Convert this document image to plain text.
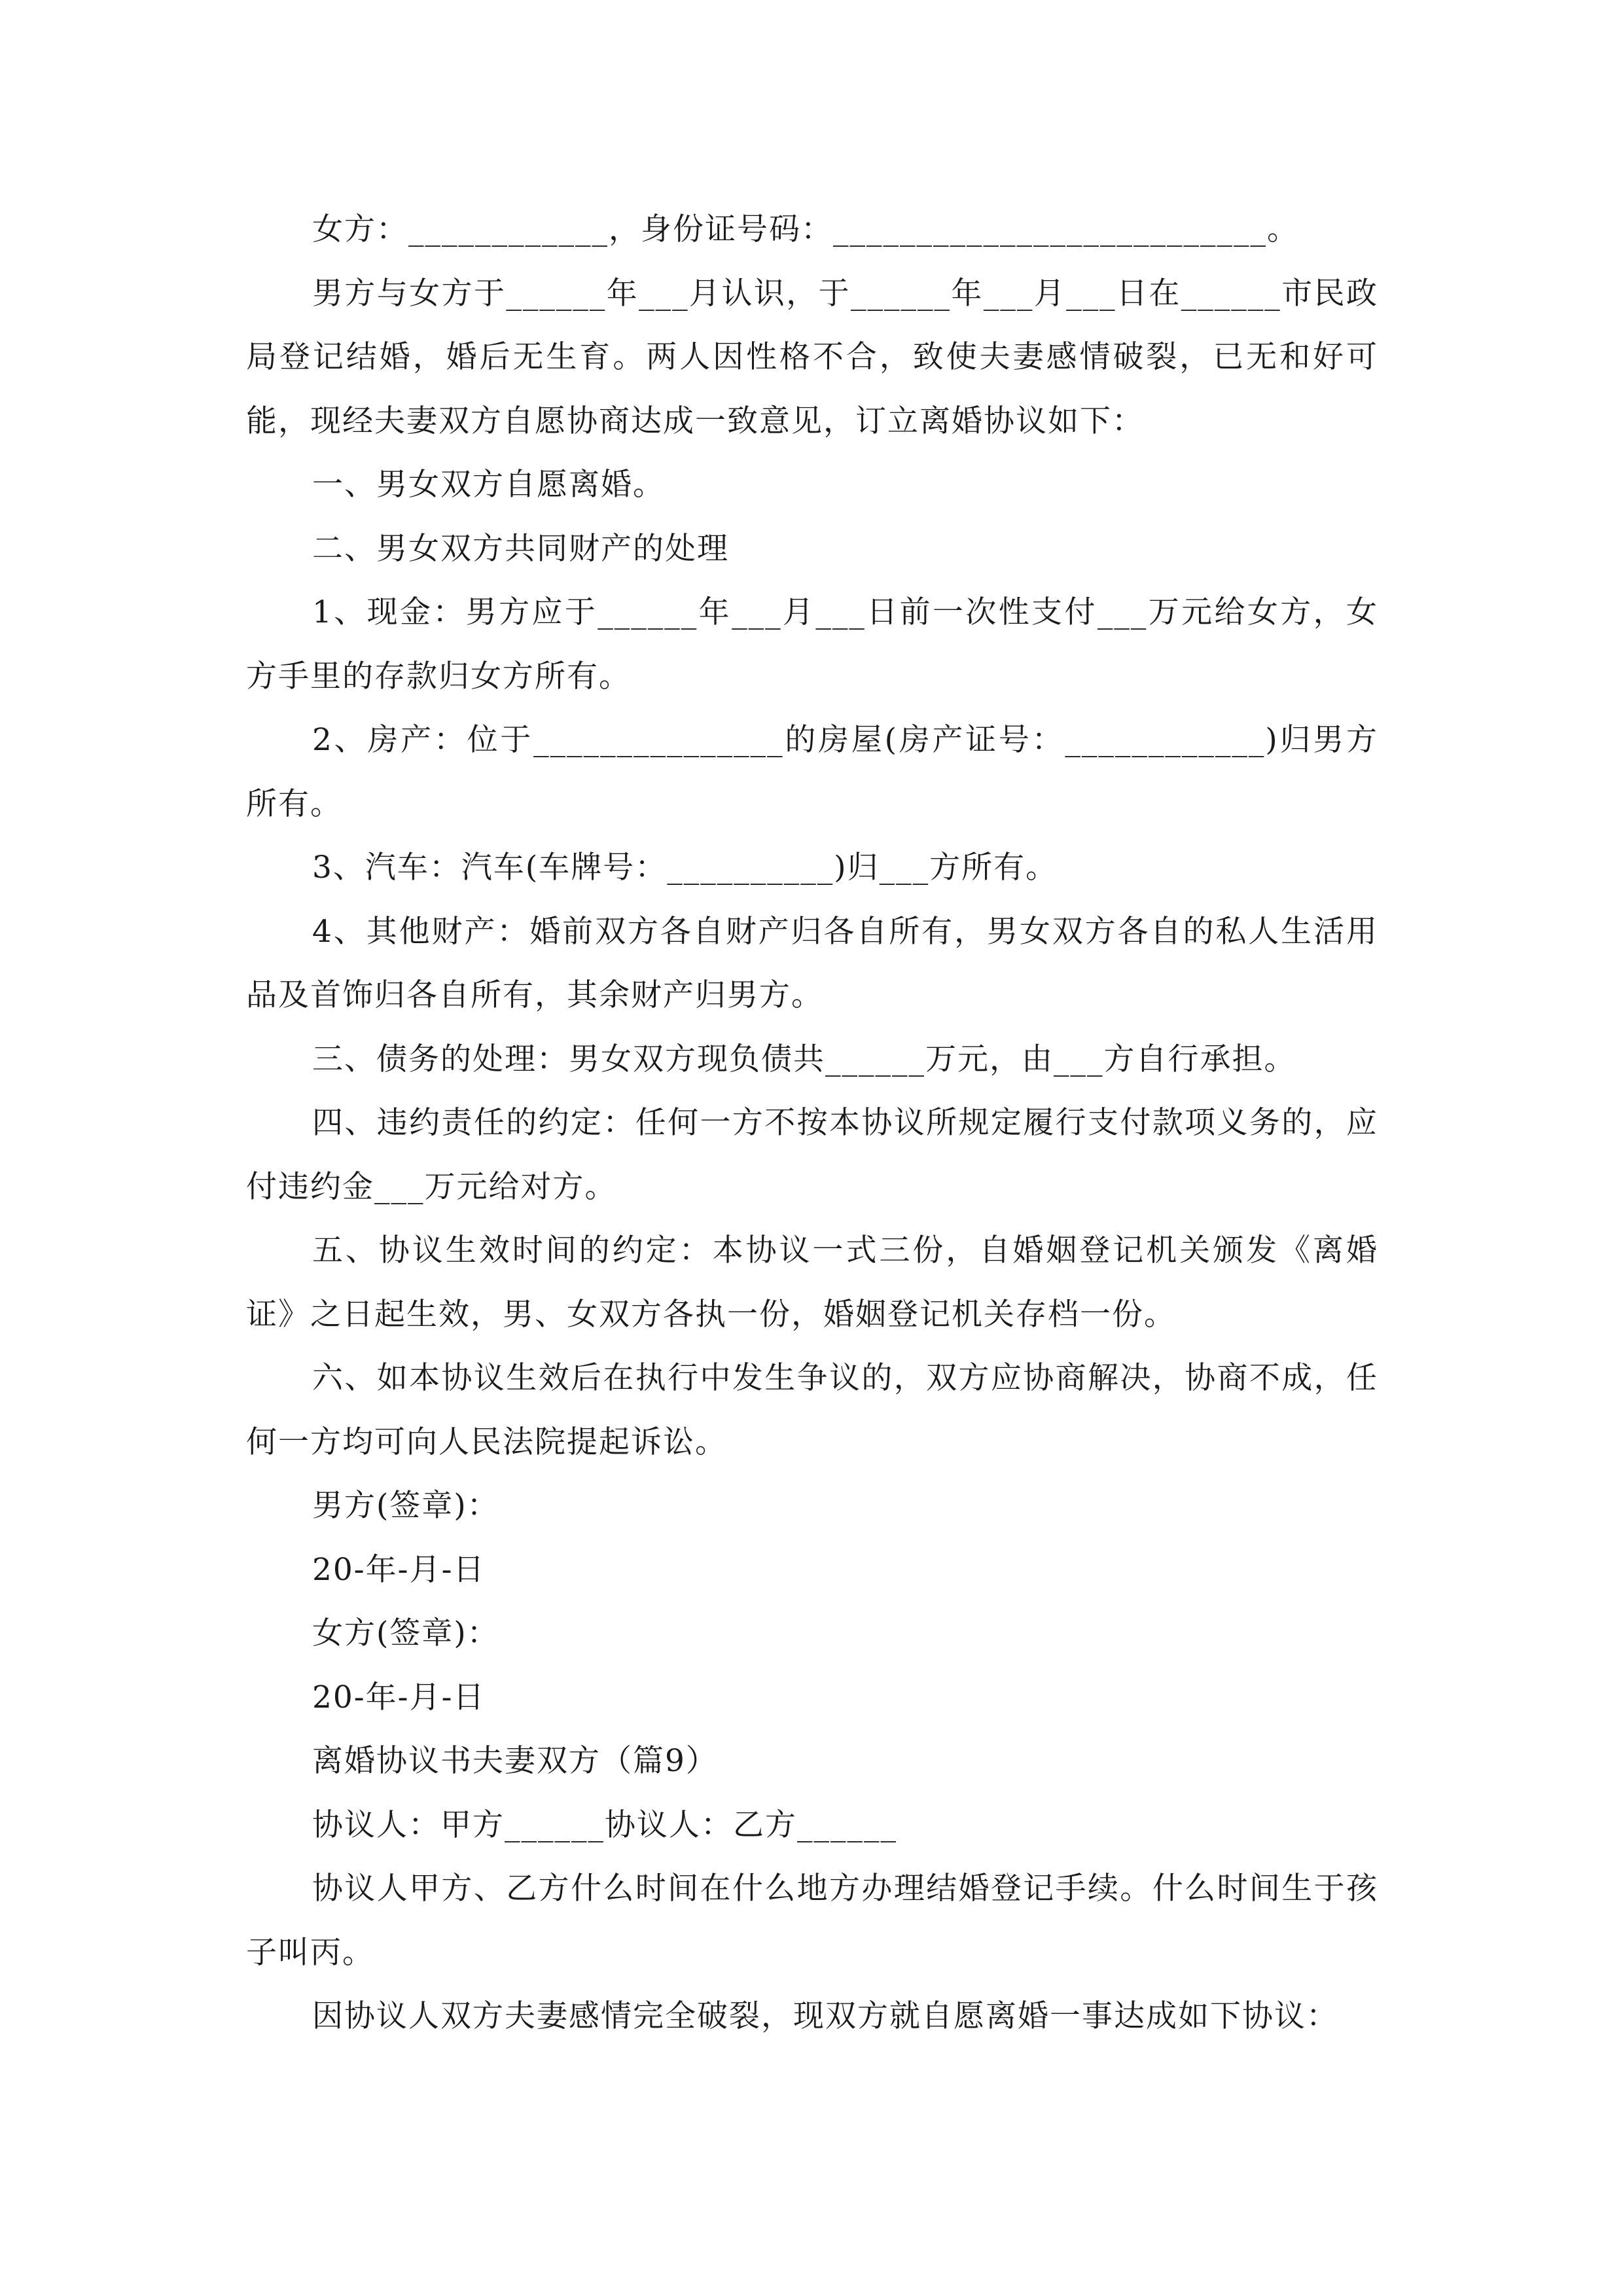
女方：____________，身份证号码：__________________________。

男方与女方于______年___月认识，于______年___月___日在______市民政局登记结婚，婚后无生育。两人因性格不合，致使夫妻感情破裂，已无和好可能，现经夫妻双方自愿协商达成一致意见，订立离婚协议如下：

一、男女双方自愿离婚。

二、男女双方共同财产的处理

1、现金：男方应于______年___月___日前一次性支付___万元给女方，女方手里的存款归女方所有。

2、房产：位于_______________的房屋(房产证号：____________)归男方所有。

3、汽车：汽车(车牌号：__________)归___方所有。

4、其他财产：婚前双方各自财产归各自所有，男女双方各自的私人生活用品及首饰归各自所有，其余财产归男方。

三、债务的处理：男女双方现负债共______万元，由___方自行承担。

四、违约责任的约定：任何一方不按本协议所规定履行支付款项义务的，应付违约金___万元给对方。

五、协议生效时间的约定：本协议一式三份，自婚姻登记机关颁发《离婚证》之日起生效，男、女双方各执一份，婚姻登记机关存档一份。

六、如本协议生效后在执行中发生争议的，双方应协商解决，协商不成，任何一方均可向人民法院提起诉讼。

男方(签章)：

20-年-月-日

女方(签章)：

20-年-月-日

离婚协议书夫妻双方（篇9）

协议人：甲方______协议人：乙方______

协议人甲方、乙方什么时间在什么地方办理结婚登记手续。什么时间生于孩子叫丙。

因协议人双方夫妻感情完全破裂，现双方就自愿离婚一事达成如下协议：
